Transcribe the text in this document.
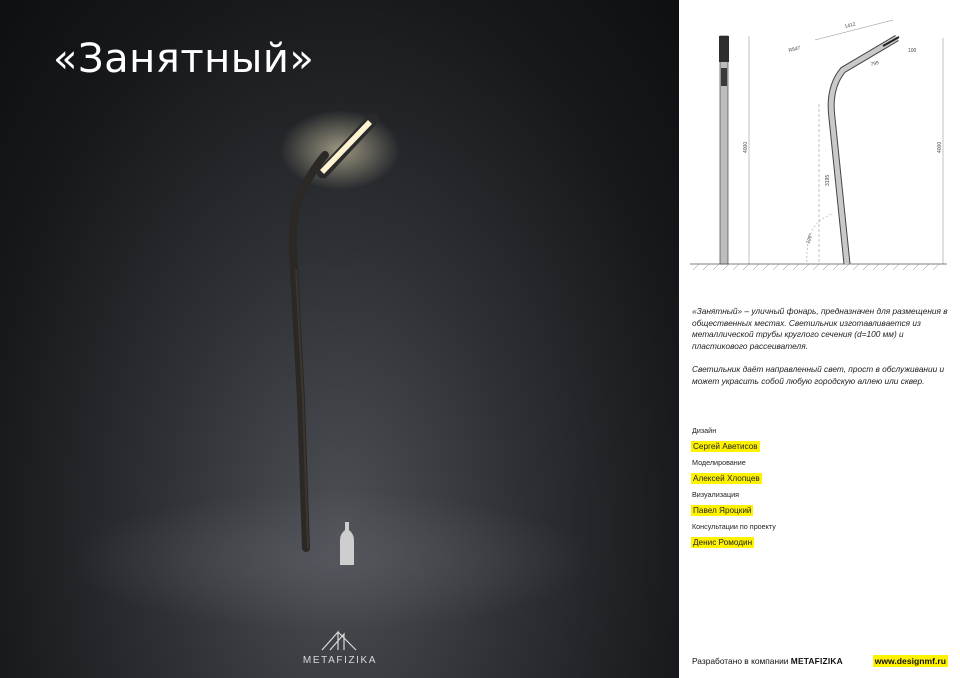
«Занятный»
METAFIZIKA
4000
1412
R547	100
799
4000
3195
120°

«Занятный» – уличный фонарь, предназначен для размещения в общественных местах. Светильник изготавливается из металлической трубы круглого сечения (d=100 мм) и пластикового рассеивателя.

Светильник даёт направленный свет, прост в обслуживании и может украсить собой любую городскую аллею или сквер.

Дизайн
Сергей Аветисов
Моделирование
Алексей Хлопцев
Визуализация
Павел Яроцкий
Консультации по проекту
Денис Ромодин
Разработано в компании METAFIZIKA	www.designmf.ru
